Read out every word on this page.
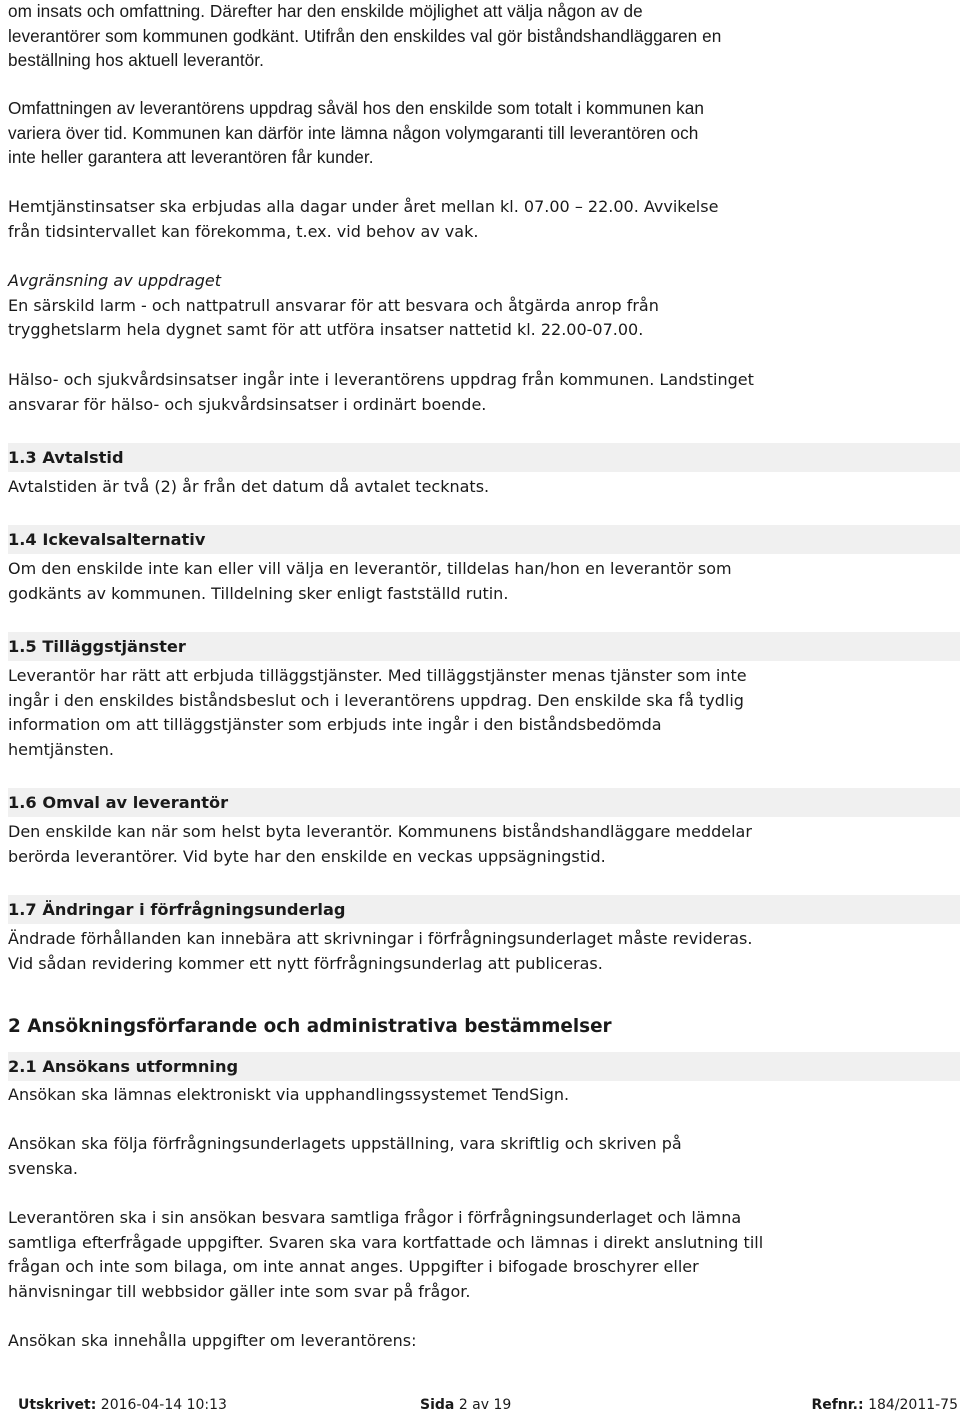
om insats och omfattning. Därefter har den enskilde möjlighet att välja någon av de
leverantörer som kommunen godkänt. Utifrån den enskildes val gör biståndshandläggaren en
beställning hos aktuell leverantör.
Omfattningen av leverantörens uppdrag såväl hos den enskilde som totalt i kommunen kan
variera över tid. Kommunen kan därför inte lämna någon volymgaranti till leverantören och
inte heller garantera att leverantören får kunder.
Hemtjänstinsatser ska erbjudas alla dagar under året mellan kl. 07.00 – 22.00. Avvikelse
från tidsintervallet kan förekomma, t.ex. vid behov av vak.
Avgränsning av uppdraget
En särskild larm - och nattpatrull ansvarar för att besvara och åtgärda anrop från
trygghetslarm hela dygnet samt för att utföra insatser nattetid kl. 22.00-07.00.
Hälso- och sjukvårdsinsatser ingår inte i leverantörens uppdrag från kommunen. Landstinget
ansvarar för hälso- och sjukvårdsinsatser i ordinärt boende.
1.3 Avtalstid
Avtalstiden är två (2) år från det datum då avtalet tecknats.
1.4 Ickevalsalternativ
Om den enskilde inte kan eller vill välja en leverantör, tilldelas han/hon en leverantör som
godkänts av kommunen. Tilldelning sker enligt fastställd rutin.
1.5 Tilläggstjänster
Leverantör har rätt att erbjuda tilläggstjänster. Med tilläggstjänster menas tjänster som inte
ingår i den enskildes biståndsbeslut och i leverantörens uppdrag. Den enskilde ska få tydlig
information om att tilläggstjänster som erbjuds inte ingår i den biståndsbedömda
hemtjänsten.
1.6 Omval av leverantör
Den enskilde kan när som helst byta leverantör. Kommunens biståndshandläggare meddelar
berörda leverantörer. Vid byte har den enskilde en veckas uppsägningstid.
1.7 Ändringar i förfrågningsunderlag
Ändrade förhållanden kan innebära att skrivningar i förfrågningsunderlaget måste revideras.
Vid sådan revidering kommer ett nytt förfrågningsunderlag att publiceras.
2 Ansökningsförfarande och administrativa bestämmelser
2.1 Ansökans utformning
Ansökan ska lämnas elektroniskt via upphandlingssystemet TendSign.
Ansökan ska följa förfrågningsunderlagets uppställning, vara skriftlig och skriven på
svenska.
Leverantören ska i sin ansökan besvara samtliga frågor i förfrågningsunderlaget och lämna
samtliga efterfrågade uppgifter. Svaren ska vara kortfattade och lämnas i direkt anslutning till
frågan och inte som bilaga, om inte annat anges. Uppgifter i bifogade broschyrer eller
hänvisningar till webbsidor gäller inte som svar på frågor.
Ansökan ska innehålla uppgifter om leverantörens:
Utskrivet: 2016-04-14 10:13	Sida 2 av 19	Refnr.: 184/2011-75
